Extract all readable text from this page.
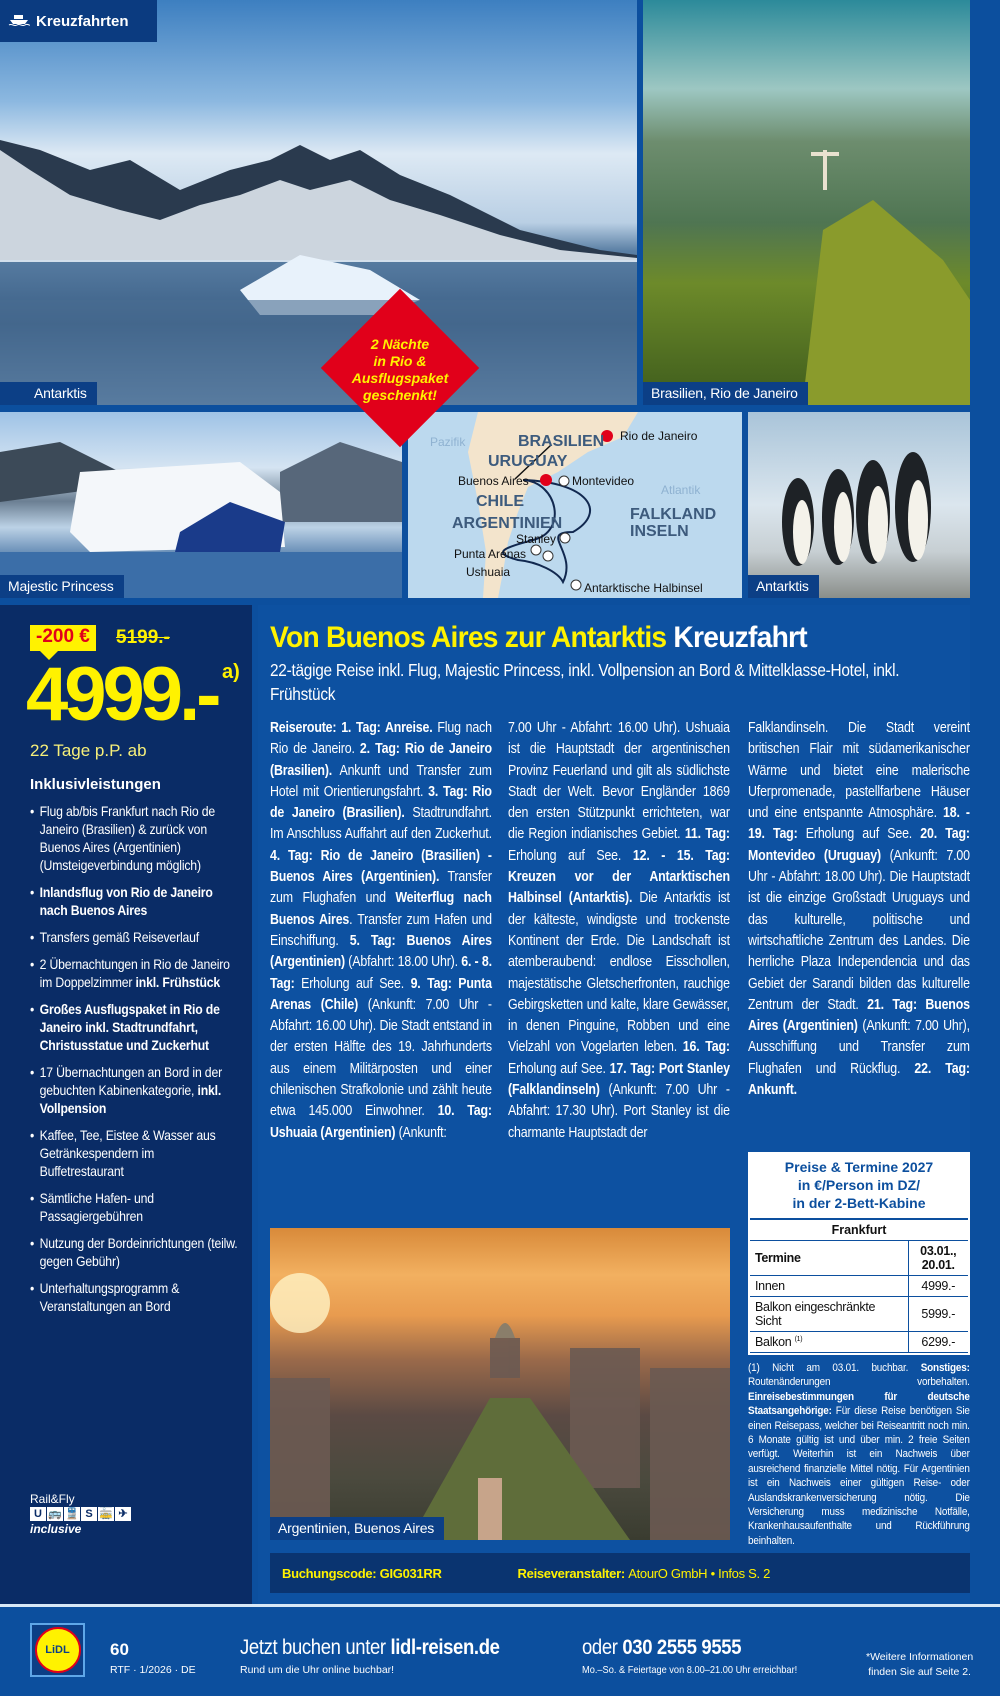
Kreuzfahrten
Antarktis	Brasilien, Rio de Janeiro
Majestic Princess
Pazifik
Atlantik
BRASILIEN
URUGUAY
CHILE
ARGENTINIEN
FALKLAND
INSELN
Rio de Janeiro
Buenos Aires	Montevideo
Stanley
Punta Arenas
Ushuaia
Antarktische Halbinsel	Antarktis
2 Nächte
in Rio &
Ausflugspaket
geschenkt!
-200 €	5199.-
4999.- a)
22 Tage p.P. ab
Inklusivleistungen
• Flug ab/bis Frankfurt nach Rio de Janeiro (Brasilien) & zurück von Buenos Aires (Argentinien) (Umsteigeverbindung möglich)
• Inlandsflug von Rio de Janeiro nach Buenos Aires
• Transfers gemäß Reiseverlauf
• 2 Übernachtungen in Rio de Janeiro im Doppelzimmer inkl. Frühstück
• Großes Ausflugspaket in Rio de Janeiro inkl. Stadtrundfahrt, Christusstatue und Zuckerhut
• 17 Übernachtungen an Bord in der gebuchten Kabinenkategorie, inkl. Vollpension
• Kaffee, Tee, Eistee & Wasser aus Getränkespendern im Buffetrestaurant
• Sämtliche Hafen- und Passagiergebühren
• Nutzung der Bordeinrichtungen (teilw. gegen Gebühr)
• Unterhaltungsprogramm & Veranstaltungen an Bord
Rail&Fly
U 🚌 🚆 S 🚋 ✈
inclusive
Von Buenos Aires zur Antarktis Kreuzfahrt
22-tägige Reise inkl. Flug, Majestic Princess, inkl. Vollpension an Bord & Mittelklasse-Hotel, inkl. Frühstück
Reiseroute: 1. Tag: Anreise. Flug nach Rio de Janeiro. 2. Tag: Rio de Janeiro (Brasilien). Ankunft und Transfer zum Hotel mit Orientierungsfahrt. 3. Tag: Rio de Janeiro (Brasilien). Stadtrundfahrt. Im Anschluss Auffahrt auf den Zuckerhut. 4. Tag: Rio de Janeiro (Brasilien) - Buenos Aires (Argentinien). Transfer zum Flughafen und Weiterflug nach Buenos Aires. Transfer zum Hafen und Einschiffung. 5. Tag: Buenos Aires (Argentinien) (Abfahrt: 18.00 Uhr). 6. - 8. Tag: Erholung auf See. 9. Tag: Punta Arenas (Chile) (Ankunft: 7.00 Uhr - Abfahrt: 16.00 Uhr). Die Stadt entstand in der ersten Hälfte des 19. Jahrhunderts aus einem Militärposten und einer chilenischen Strafkolonie und zählt heute etwa 145.000 Einwohner. 10. Tag: Ushuaia (Argentinien) (Ankunft:
7.00 Uhr - Abfahrt: 16.00 Uhr). Ushuaia ist die Hauptstadt der argentinischen Provinz Feuerland und gilt als südlichste Stadt der Welt. Bevor Engländer 1869 den ersten Stützpunkt errichteten, war die Region indianisches Gebiet. 11. Tag: Erholung auf See. 12. - 15. Tag: Kreuzen vor der Antarktischen Halbinsel (Antarktis). Die Antarktis ist der kälteste, windigste und trockenste Kontinent der Erde. Die Landschaft ist atemberaubend: endlose Eisschollen, majestätische Gletscherfronten, rauchige Gebirgsketten und kalte, klare Gewässer, in denen Pinguine, Robben und eine Vielzahl von Vogelarten leben. 16. Tag: Erholung auf See. 17. Tag: Port Stanley (Falklandinseln) (Ankunft: 7.00 Uhr - Abfahrt: 17.30 Uhr). Port Stanley ist die charmante Hauptstadt der
Falklandinseln. Die Stadt vereint britischen Flair mit südamerikanischer Wärme und bietet eine malerische Uferpromenade, pastellfarbene Häuser und eine entspannte Atmosphäre. 18. - 19. Tag: Erholung auf See. 20. Tag: Montevideo (Uruguay) (Ankunft: 7.00 Uhr - Abfahrt: 18.00 Uhr). Die Hauptstadt ist die einzige Großstadt Uruguays und das kulturelle, politische und wirtschaftliche Zentrum des Landes. Die herrliche Plaza Independencia und das Gebiet der Sarandi bilden das kulturelle Zentrum der Stadt. 21. Tag: Buenos Aires (Argentinien) (Ankunft: 7.00 Uhr), Ausschiffung und Transfer zum Flughafen und Rückflug. 22. Tag: Ankunft.
Preise & Termine 2027
in €/Person im DZ/
in der 2-Bett-Kabine
Frankfurt
Termine	03.01., 20.01.
Innen	4999.-
Balkon eingeschränkte Sicht	5999.-
Balkon $^{(1)}$	6299.-
(1) Nicht am 03.01. buchbar. Sonstiges: Routenänderungen vorbehalten. Einreisebestimmungen für deutsche Staatsangehörige: Für diese Reise benötigen Sie einen Reisepass, welcher bei Reiseantritt noch min. 6 Monate gültig ist und über min. 2 freie Seiten verfügt. Weiterhin ist ein Nachweis über ausreichend finanzielle Mittel nötig. Für Argentinien ist ein Nachweis einer gültigen Reise- oder Auslandskrankenversicherung nötig. Die Versicherung muss medizinische Notfälle, Krankenhausaufenthalte und Rückführung beinhalten.
Argentinien, Buenos Aires
Buchungscode:
GIG031RR	Reiseveranstalter:
AtourO GmbH • Infos S. 2
LiDL	60
RTF · 1/2026 · DE
Jetzt buchen unter lidl-reisen.de
Rund um die Uhr online buchbar!
oder 030 2555 9555
Mo.–So. & Feiertage von 8.00–21.00 Uhr erreichbar!
*Weitere Informationen
finden Sie auf Seite 2.
